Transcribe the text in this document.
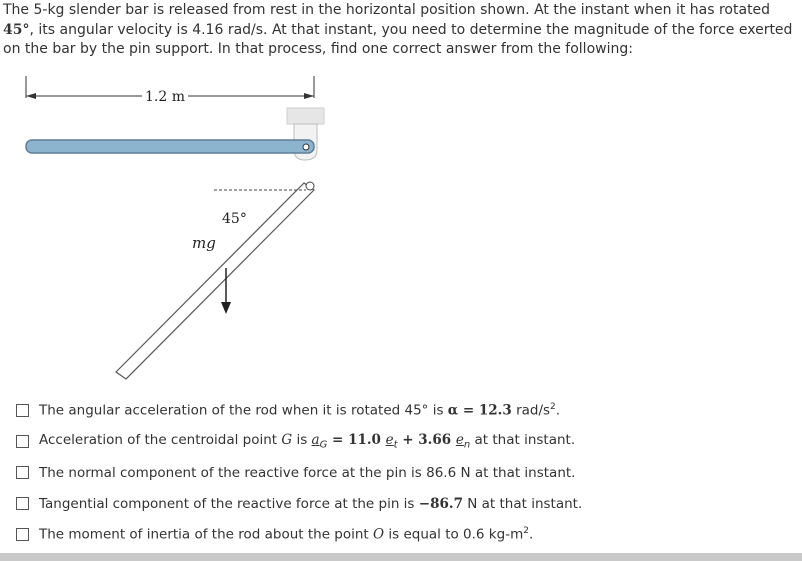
The 5-kg slender bar is released from rest in the horizontal position shown. At the instant when it has rotated 45°, its angular velocity is 4.16 rad/s. At that instant, you need to determine the magnitude of the force exerted on the bar by the pin support. In that process, find one correct answer from the following:
1.2 m
45°
mg
The angular acceleration of the rod when it is rotated 45° is α = 12.3 rad/$s^2$.
Acceleration of the centroidal point G is $a_G = 11.0$ $e_t + 3.66$ $e_n$ at that instant.
The normal component of the reactive force at the pin is 86.6 N at that instant.
Tangential component of the reactive force at the pin is −86.7 N at that instant.
The moment of inertia of the rod about the point O is equal to 0.6 $kg-m^2$.
